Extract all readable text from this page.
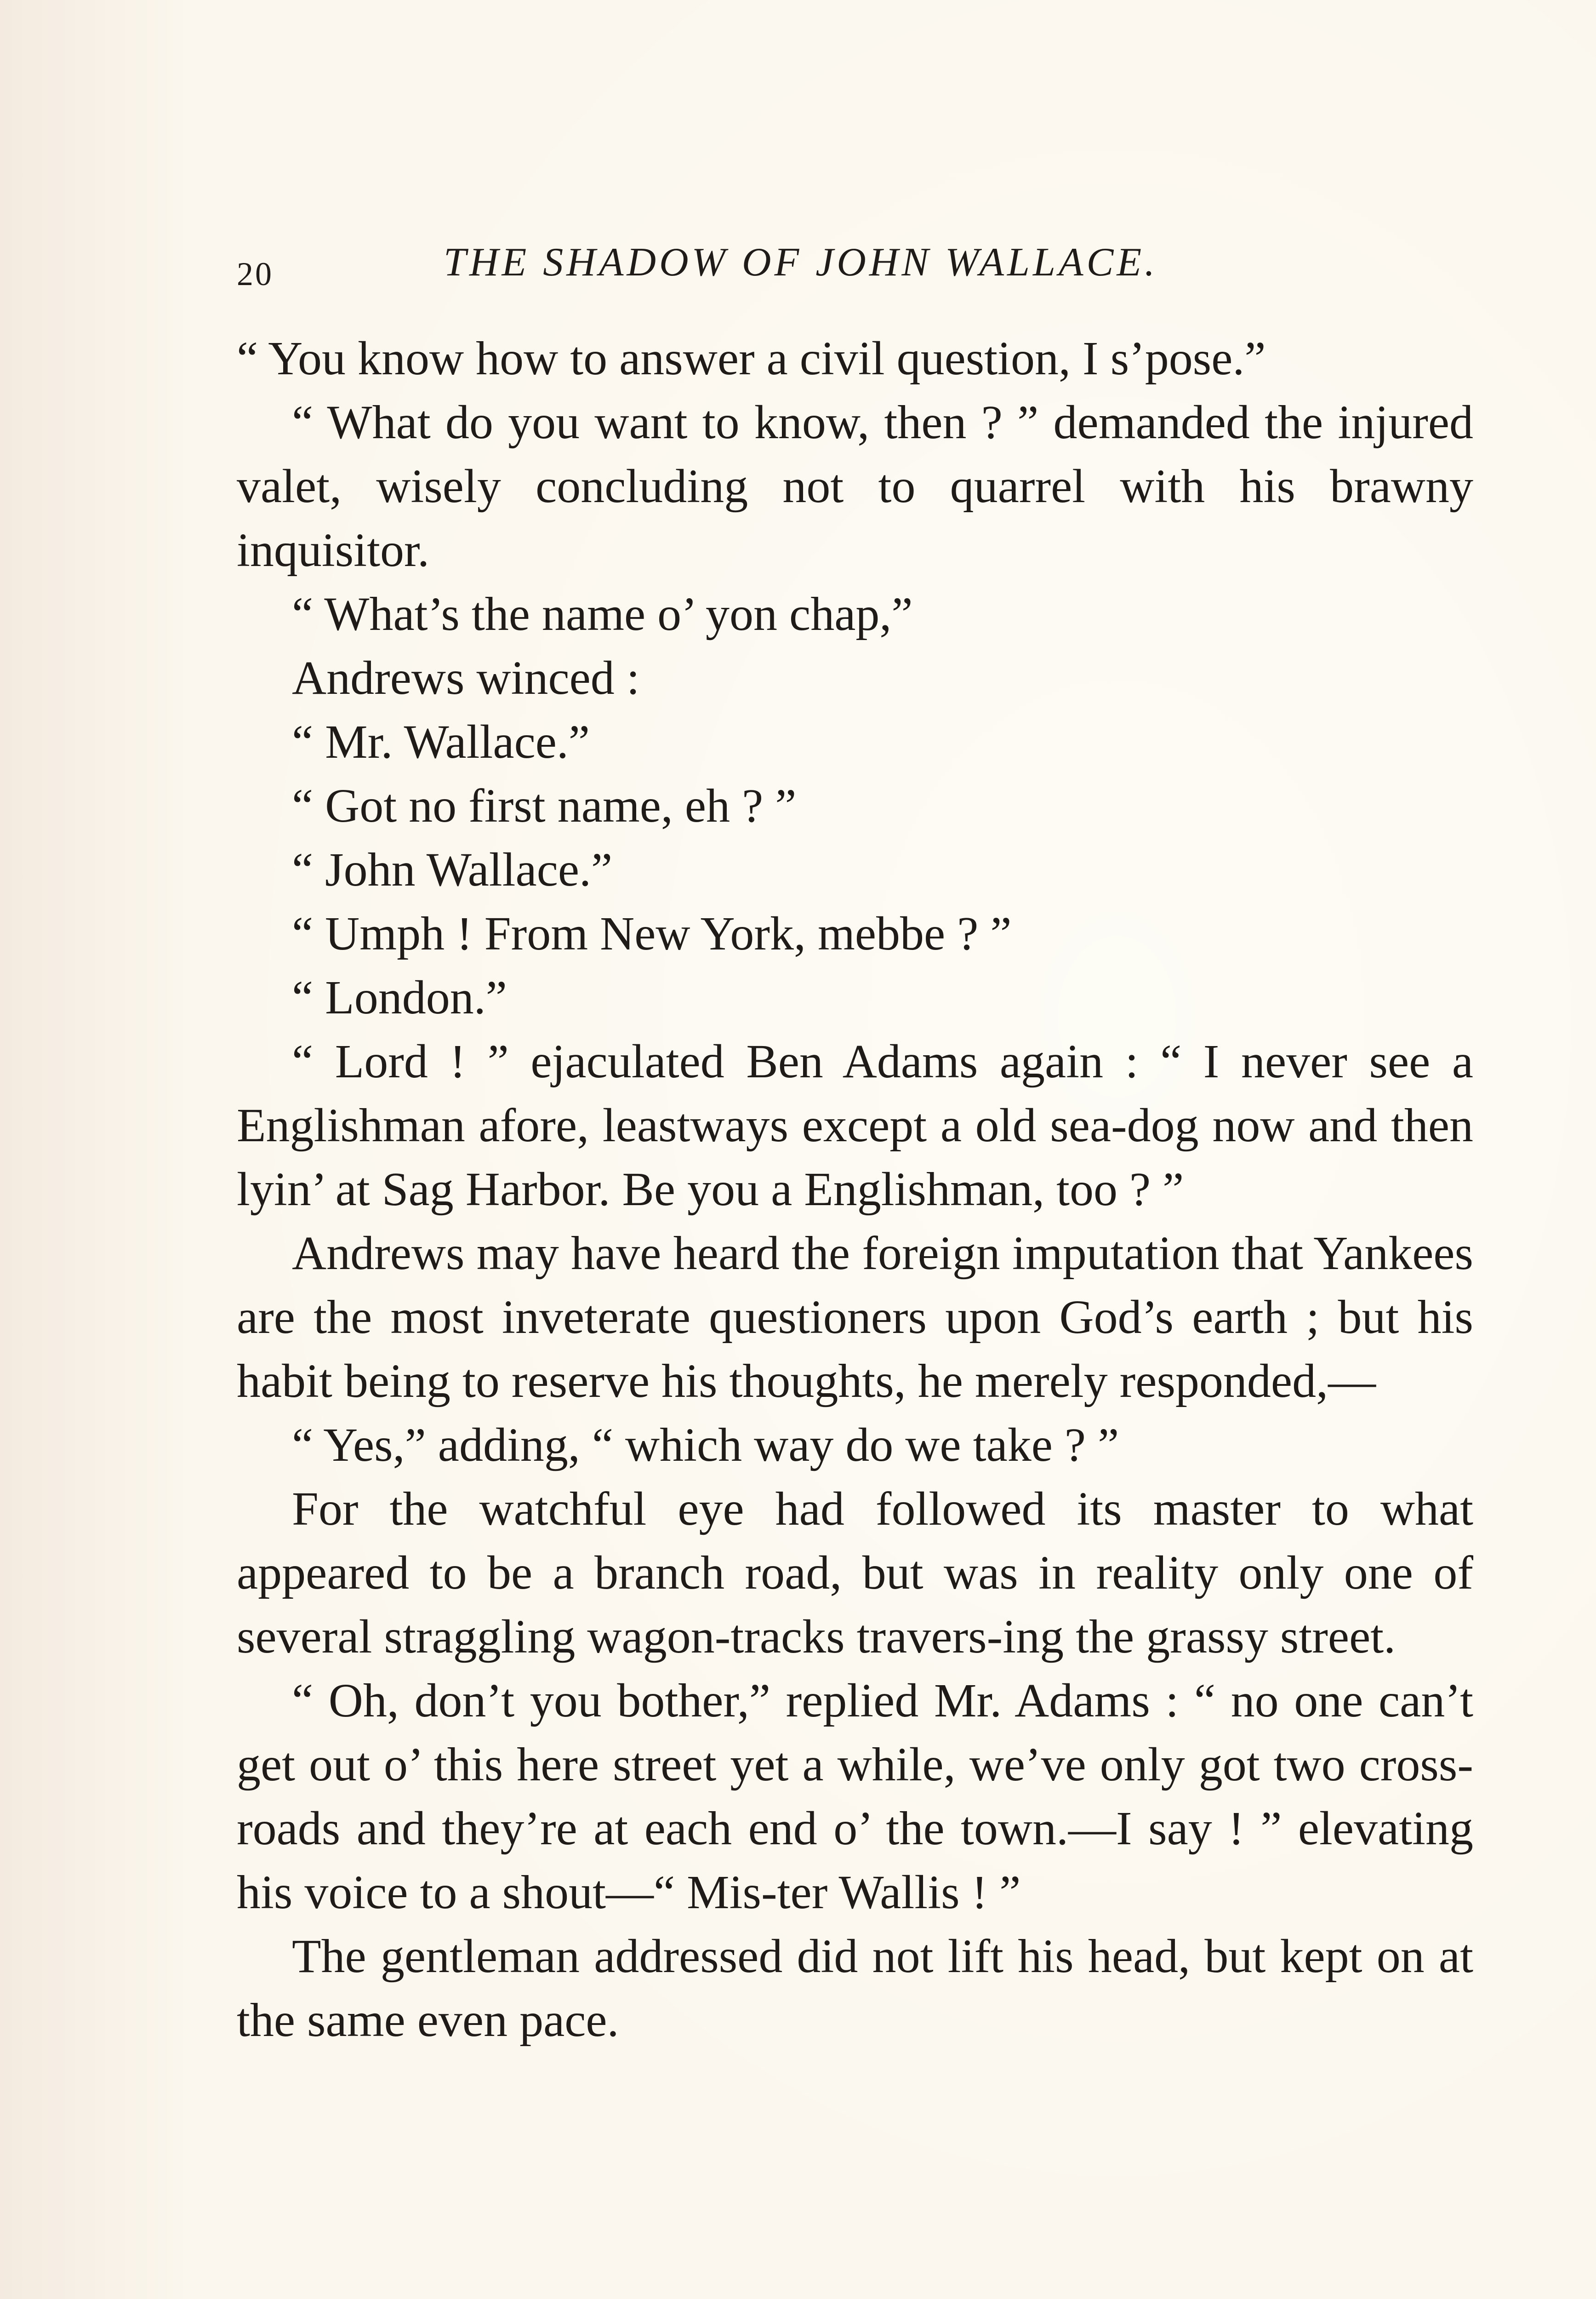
20	THE SHADOW OF JOHN WALLACE.

“ You know how to answer a civil question, I s’pose.”

“ What do you want to know, then ? ” demanded the injured valet, wisely concluding not to quarrel with his brawny inquisitor.

“ What’s the name o’ yon chap,”

Andrews winced :

“ Mr. Wallace.”

“ Got no first name, eh ? ”

“ John Wallace.”

“ Umph ! From New York, mebbe ? ”

“ London.”

“ Lord ! ” ejaculated Ben Adams again : “ I never see a Englishman afore, leastways except a old sea-dog now and then lyin’ at Sag Harbor. Be you a Englishman, too ? ”

Andrews may have heard the foreign imputation that Yankees are the most inveterate questioners upon God’s earth ; but his habit being to reserve his thoughts, he merely responded,—

“ Yes,” adding, “ which way do we take ? ”

For the watchful eye had followed its master to what appeared to be a branch road, but was in reality only one of several straggling wagon-tracks travers-ing the grassy street.

“ Oh, don’t you bother,” replied Mr. Adams : “ no one can’t get out o’ this here street yet a while, we’ve only got two cross-roads and they’re at each end o’ the town.—I say ! ” elevating his voice to a shout—“ Mis-ter Wallis ! ”

The gentleman addressed did not lift his head, but kept on at the same even pace.
